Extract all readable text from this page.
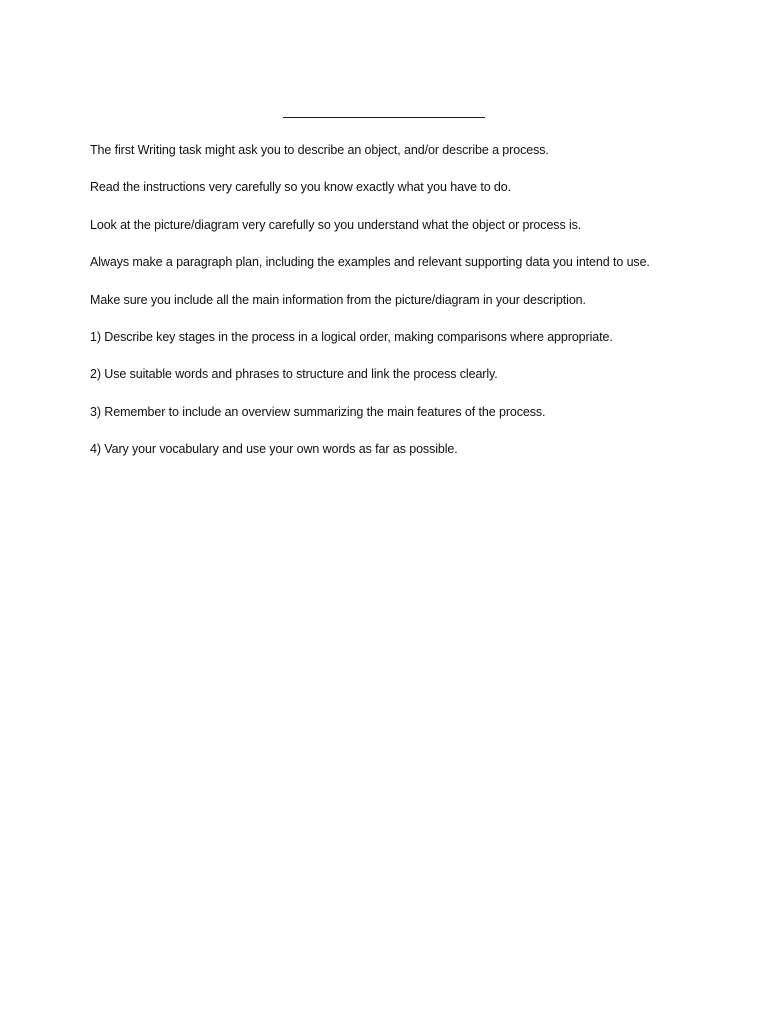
The first Writing task might ask you to describe an object, and/or describe a process.

Read the instructions very carefully so you know exactly what you have to do.

Look at the picture/diagram very carefully so you understand what the object or process is.

Always make a paragraph plan, including the examples and relevant supporting data you intend to use.

Make sure you include all the main information from the picture/diagram in your description.

1) Describe key stages in the process in a logical order, making comparisons where appropriate.

2) Use suitable words and phrases to structure and link the process clearly.

3) Remember to include an overview summarizing the main features of the process.

4) Vary your vocabulary and use your own words as far as possible.
